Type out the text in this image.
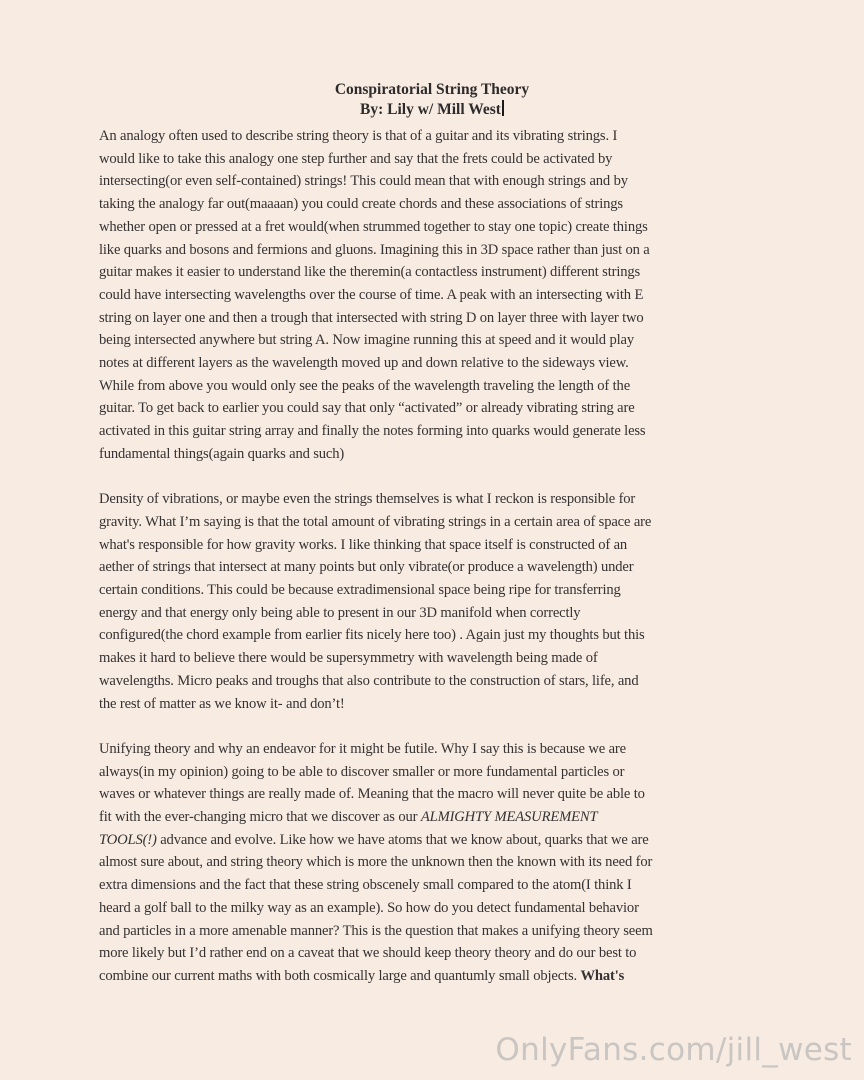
Conspiratorial String Theory
By: Lily w/ Mill West
An analogy often used to describe string theory is that of a guitar and its vibrating strings. I
would like to take this analogy one step further and say that the frets could be activated by
intersecting(or even self-contained) strings! This could mean that with enough strings and by
taking the analogy far out(maaaan) you could create chords and these associations of strings
whether open or pressed at a fret would(when strummed together to stay one topic) create things
like quarks and bosons and fermions and gluons. Imagining this in 3D space rather than just on a
guitar makes it easier to understand like the theremin(a contactless instrument) different strings
could have intersecting wavelengths over the course of time. A peak with an intersecting with E
string on layer one and then a trough that intersected with string D on layer three with layer two
being intersected anywhere but string A. Now imagine running this at speed and it would play
notes at different layers as the wavelength moved up and down relative to the sideways view.
While from above you would only see the peaks of the wavelength traveling the length of the
guitar. To get back to earlier you could say that only “activated” or already vibrating string are
activated in this guitar string array and finally the notes forming into quarks would generate less
fundamental things(again quarks and such)
Density of vibrations, or maybe even the strings themselves is what I reckon is responsible for
gravity. What I’m saying is that the total amount of vibrating strings in a certain area of space are
what's responsible for how gravity works. I like thinking that space itself is constructed of an
aether of strings that intersect at many points but only vibrate(or produce a wavelength) under
certain conditions. This could be because extradimensional space being ripe for transferring
energy and that energy only being able to present in our 3D manifold when correctly
configured(the chord example from earlier fits nicely here too) . Again just my thoughts but this
makes it hard to believe there would be supersymmetry with wavelength being made of
wavelengths. Micro peaks and troughs that also contribute to the construction of stars, life, and
the rest of matter as we know it- and don’t!
Unifying theory and why an endeavor for it might be futile. Why I say this is because we are
always(in my opinion) going to be able to discover smaller or more fundamental particles or
waves or whatever things are really made of. Meaning that the macro will never quite be able to
fit with the ever-changing micro that we discover as our ALMIGHTY MEASUREMENT
TOOLS(!) advance and evolve. Like how we have atoms that we know about, quarks that we are
almost sure about, and string theory which is more the unknown then the known with its need for
extra dimensions and the fact that these string obscenely small compared to the atom(I think I
heard a golf ball to the milky way as an example). So how do you detect fundamental behavior
and particles in a more amenable manner? This is the question that makes a unifying theory seem
more likely but I’d rather end on a caveat that we should keep theory theory and do our best to
combine our current maths with both cosmically large and quantumly small objects. What's
OnlyFans.com/jill_west
